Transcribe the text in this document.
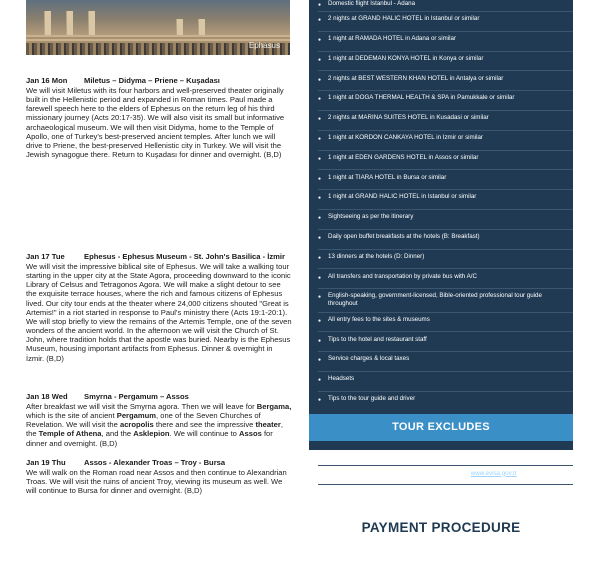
Ephasus
Jan 16 Mon	Miletus – Didyma – Priene – Kuşadası
We will visit Miletus with its four harbors and well-preserved theater originally built in the Hellenistic period and expanded in Roman times. Paul made a farewell speech here to the elders of Ephesus on the return leg of his third missionary journey (Acts 20:17-35). We will also visit its small but informative archaeological museum. We will then visit Didyma, home to the Temple of Apollo, one of Turkey's best-preserved ancient temples. After lunch we will drive to Priene, the best-preserved Hellenistic city in Turkey. We will visit the Jewish synagogue there. Return to Kuşadası for dinner and overnight. (B,D)
Jan 17 Tue	Ephesus - Ephesus Museum - St. John's Basilica - İzmir
We will visit the impressive biblical site of Ephesus. We will take a walking tour starting in the upper city at the State Agora, proceeding downward to the iconic Library of Celsus and Tetragonos Agora. We will make a slight detour to see the exquisite terrace houses, where the rich and famous citizens of Ephesus lived. Our city tour ends at the theater where 24,000 citizens shouted "Great is Artemis!" in a riot started in response to Paul's ministry there (Acts 19:1-20:1). We will stop briefly to view the remains of the Artemis Temple, one of the seven wonders of the ancient world. In the afternoon we will visit the Church of St. John, where tradition holds that the apostle was buried. Nearby is the Ephesus Museum, housing important artifacts from Ephesus. Dinner & overnight in İzmir. (B,D)
Jan 18 Wed	Smyrna - Pergamum – Assos
After breakfast we will visit the Smyrna agora. Then we will leave for Bergama, which is the site of ancient Pergamum, one of the Seven Churches of Revelation. We will visit the acropolis there and see the impressive theater, the Temple of Athena, and the Asklepion. We will continue to Assos for dinner and overnight. (B,D)
Jan 19 Thu	Assos - Alexander Troas – Troy - Bursa
We will walk on the Roman road near Assos and then continue to Alexandrian Troas. We will visit the ruins of ancient Troy, viewing its museum as well. We will continue to Bursa for dinner and overnight. (B,D)
●
Domestic flight Istanbul - Adana
●
2 nights at GRAND HALIC HOTEL in Istanbul or similar
●
1 night at RAMADA HOTEL in Adana or similar
●
1 night at DEDEMAN KONYA HOTEL in Konya or similar
●
2 nights at BEST WESTERN KHAN HOTEL in Antalya or similar
●
1 night at DOGA THERMAL HEALTH & SPA in Pamukkale or similar
●
2 nights at MARINA SUITES HOTEL in Kusadasi or similar
●
1 night at KORDON CANKAYA HOTEL in Izmir or similar
●
1 night at EDEN GARDENS HOTEL in Assos or similar
●
1 night at TIARA HOTEL in Bursa or similar
●
1 night at GRAND HALIC HOTEL in Istanbul or similar
●
Sightseeing as per the itinerary
●
Daily open buffet breakfasts at the hotels (B: Breakfast)
●
13 dinners at the hotels (D: Dinner)
●
All transfers and transportation by private bus with A/C
●
English-speaking, government-licensed, Bible-oriented professional tour guide throughout
●
All entry fees to the sites & museums
●
Tips to the hotel and restaurant staff
●
Service charges & local taxes
●
Headsets
●
Tips to the tour guide and driver
TOUR EXCLUDES
●
Lunches and all drinks
●
Turkish Visa fee to be obtained online before arrival www.evisa.gov.tr
●
Travel and health insurance, and any other item not listed above
PAYMENT PROCEDURE
- Deposit: $200 per person by September 16, 2022
- Full Payment on November 1, 2022
